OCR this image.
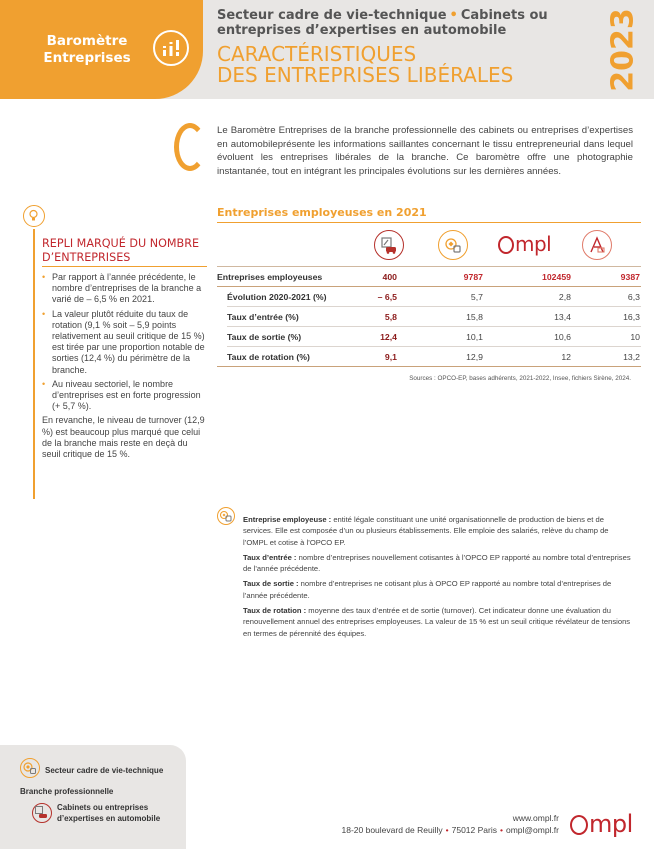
Baromètre
Entreprises
Secteur cadre de vie-technique • Cabinets ou entreprises d’expertises en automobile
CARACTÉRISTIQUES
DES ENTREPRISES LIBÉRALES	2023

Le Baromètre Entreprises de la branche professionnelle des cabinets ou entreprises d’expertises en automobileprésente les informations saillantes concernant le tissu entrepreneurial dans lequel évoluent les entreprises libérales de la branche. Ce baromètre offre une photographie instantanée, tout en intégrant les principales évolutions sur les dernières années.

REPLI MARQUÉ DU NOMBRE D’ENTREPRISES
• Par rapport à l’année précédente, le nombre d’entreprises de la branche a varié de – 6,5 % en 2021.
• La valeur plutôt réduite du taux de rotation (9,1 % soit – 5,9 points relativement au seuil critique de 15 %) est tirée par une proportion notable de sorties (12,4 %) du périmètre de la branche.
• Au niveau sectoriel, le nombre d’entreprises est en forte progression (+ 5,7 %).
En revanche, le niveau de turnover (12,9 %) est beaucoup plus marqué que celui de la branche mais reste en deçà du seuil critique de 15 %.
Entreprises employeuses en 2021
mpl
Entreprises employeuses	400	9787	102459	9387
Évolution 2020-2021 (%)	– 6,5	5,7	2,8	6,3
Taux d’entrée (%)	5,8	15,8	13,4	16,3
Taux de sortie (%)	12,4	10,1	10,6	10
Taux de rotation (%)	9,1	12,9	12	13,2
Sources : OPCO-EP, bases adhérents, 2021-2022, Insee, fichiers Sirène, 2024.

Entreprise employeuse : entité légale constituant une unité organisationnelle de production de biens et de services. Elle est composée d’un ou plusieurs établissements. Elle emploie des salariés, relève du champ de l’OMPL et cotise à l’OPCO EP.

Taux d’entrée : nombre d’entreprises nouvellement cotisantes à l’OPCO EP rapporté au nombre total d’entreprises de l’année précédente.

Taux de sortie : nombre d’entreprises ne cotisant plus à OPCO EP rapporté au nombre total d’entreprises de l’année précédente.

Taux de rotation : moyenne des taux d’entrée et de sortie (turnover). Cet indicateur donne une évaluation du renouvellement annuel des entreprises employeuses. La valeur de 15 % est un seuil critique révélateur de tensions en termes de pérennité des équipes.

Secteur cadre de vie-technique
Branche professionnelle
Cabinets ou entreprises d’expertises en automobile	www.ompl.fr
18-20 boulevard de Reuilly • 75012 Paris • ompl@ompl.fr	mpl
